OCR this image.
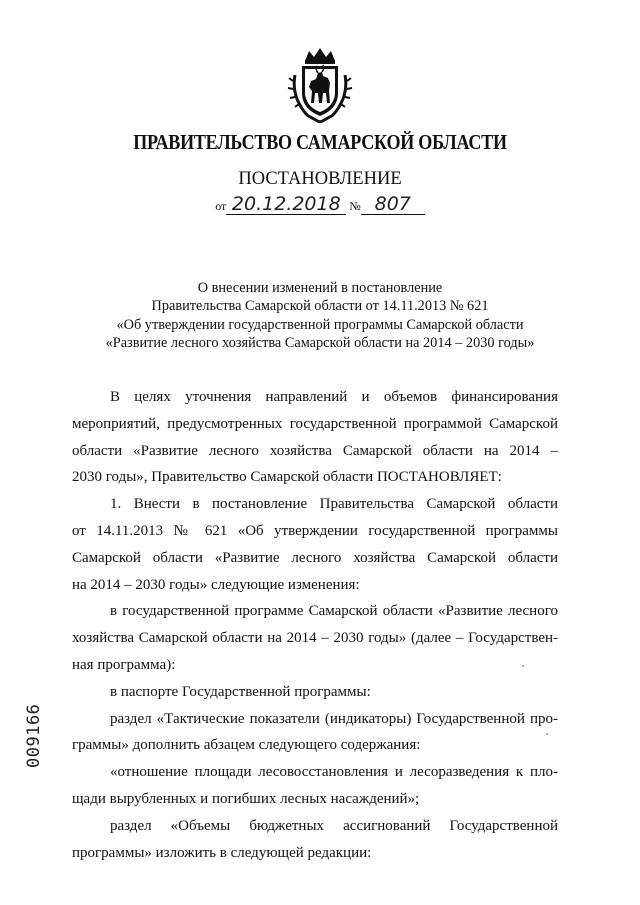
ПРАВИТЕЛЬСТВО САМАРСКОЙ ОБЛАСТИ
ПОСТАНОВЛЕНИЕ
от 20.12.2018 № 807
О внесении изменений в постановление
Правительства Самарской области от 14.11.2013 № 621
«Об утверждении государственной программы Самарской области
«Развитие лесного хозяйства Самарской области на 2014 – 2030 годы»
В целях уточнения направлений и объемов финансирования
мероприятий, предусмотренных государственной программой Самарской
области «Развитие лесного хозяйства Самарской области на 2014 –
2030 годы», Правительство Самарской области ПОСТАНОВЛЯЕТ:
1. Внести в постановление Правительства Самарской области
от 14.11.2013 № 621 «Об утверждении государственной программы
Самарской области «Развитие лесного хозяйства Самарской области
на 2014 – 2030 годы» следующие изменения:
в государственной программе Самарской области «Развитие лесного
хозяйства Самарской области на 2014 – 2030 годы» (далее – Государствен-
ная программа):
в паспорте Государственной программы:
раздел «Тактические показатели (индикаторы) Государственной про-
граммы» дополнить абзацем следующего содержания:
«отношение площади лесовосстановления и лесоразведения к пло-
щади вырубленных и погибших лесных насаждений»;
раздел «Объемы бюджетных ассигнований Государственной
программы» изложить в следующей редакции:
009166
